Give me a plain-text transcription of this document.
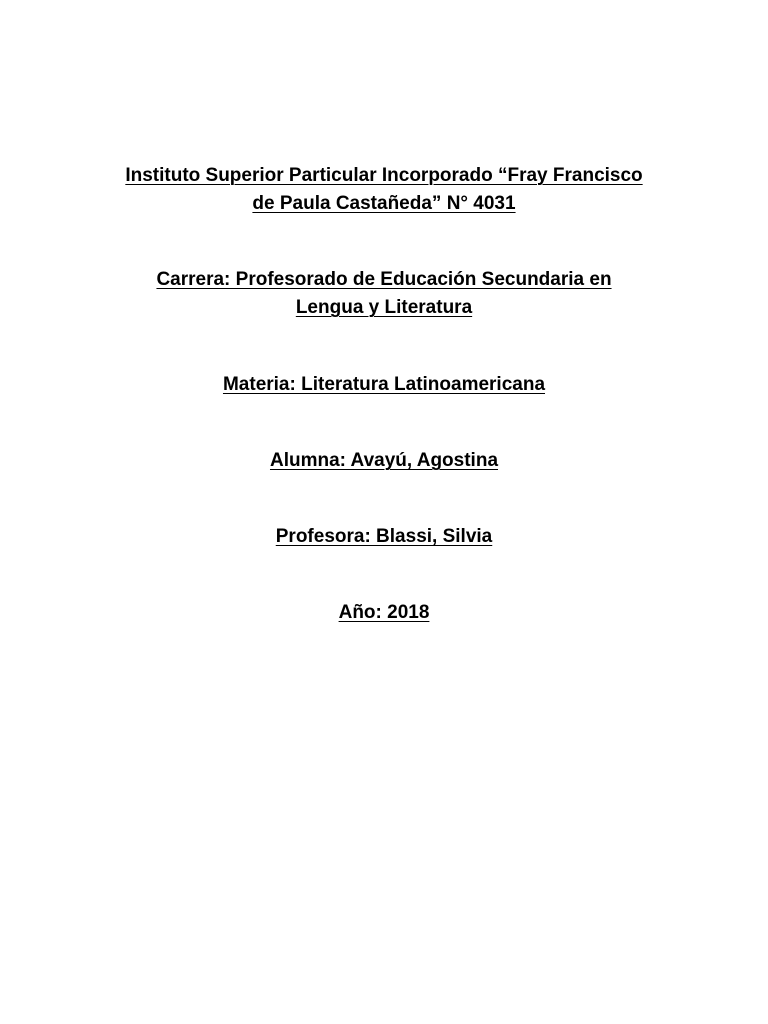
Instituto Superior Particular Incorporado “Fray Francisco
de Paula Castañeda” N° 4031
Carrera: Profesorado de Educación Secundaria en
Lengua y Literatura
Materia: Literatura Latinoamericana
Alumna: Avayú, Agostina
Profesora: Blassi, Silvia
Año: 2018
